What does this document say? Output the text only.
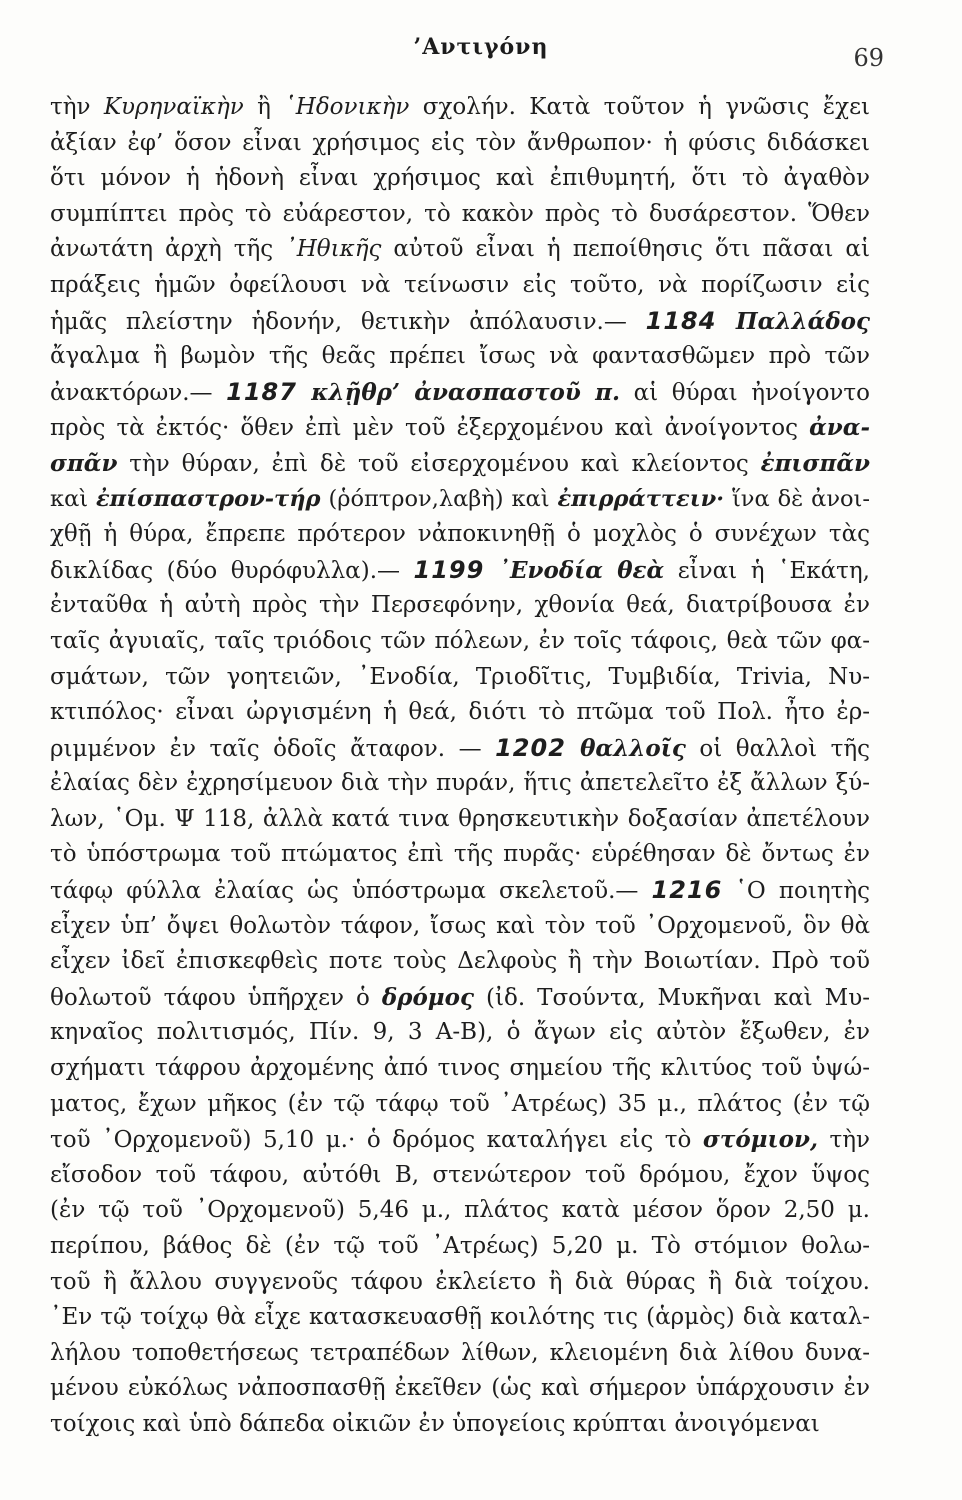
’Αντιγόνη	69
τὴν Κυρηναϊκὴν ἢ ῾Ηδονικὴν σχολήν. Κατὰ τοῦτον ἡ γνῶσις ἔχει
ἀξίαν ἐφ’ ὅσον εἶναι χρήσιμος εἰς τὸν ἄνθρωπον· ἡ φύσις διδάσκει
ὅτι μόνον ἡ ἡδονὴ εἶναι χρήσιμος καὶ ἐπιθυμητή, ὅτι τὸ ἀγαθὸν
συμπίπτει πρὸς τὸ εὐάρεστον, τὸ κακὸν πρὸς τὸ δυσάρεστον. Ὅθεν
ἀνωτάτη ἀρχὴ τῆς ᾿Ηθικῆς αὐτοῦ εἶναι ἡ πεποίθησις ὅτι πᾶσαι αἱ
πράξεις ἡμῶν ὀφείλουσι νὰ τείνωσιν εἰς τοῦτο, νὰ πορίζωσιν εἰς
ἡμᾶς πλείστην ἡδονήν, θετικὴν ἀπόλαυσιν.— 1184 Παλλάδος
ἄγαλμα ἢ βωμὸν τῆς θεᾶς πρέπει ἴσως νὰ φαντασθῶμεν πρὸ τῶν
ἀνακτόρων.— 1187 κλῇθρ’ ἀνασπαστοῦ π. αἱ θύραι ἠνοίγοντο
πρὸς τὰ ἐκτός· ὅθεν ἐπὶ μὲν τοῦ ἐξερχομένου καὶ ἀνοίγοντος ἀνα-
σπᾶν τὴν θύραν, ἐπὶ δὲ τοῦ εἰσερχομένου καὶ κλείοντος ἐπισπᾶν
καὶ ἐπίσπαστρον-τήρ (ῥόπτρον,λαβὴ) καὶ ἐπιρράττειν· ἵνα δὲ ἀνοι-
χθῇ ἡ θύρα, ἔπρεπε πρότερον νἀποκινηθῇ ὁ μοχλὸς ὁ συνέχων τὰς
δικλίδας (δύο θυρόφυλλα).— 1199 ᾿Ενοδία θεὰ εἶναι ἡ ῾Εκάτη,
ἐνταῦθα ἡ αὐτὴ πρὸς τὴν Περσεφόνην, χθονία θεά, διατρίβουσα ἐν
ταῖς ἀγυιαῖς, ταῖς τριόδοις τῶν πόλεων, ἐν τοῖς τάφοις, θεὰ τῶν φα-
σμάτων, τῶν γοητειῶν, ᾿Ενοδία, Τριοδῖτις, Τυμβιδία, Trivia, Νυ-
κτιπόλος· εἶναι ὠργισμένη ἡ θεά, διότι τὸ πτῶμα τοῦ Πολ. ἦτο ἐρ-
ριμμένον ἐν ταῖς ὁδοῖς ἄταφον. — 1202 θαλλοῖς οἱ θαλλοὶ τῆς
ἐλαίας δὲν ἐχρησίμευον διὰ τὴν πυράν, ἥτις ἀπετελεῖτο ἐξ ἄλλων ξύ-
λων, ῾Ομ. Ψ 118, ἀλλὰ κατά τινα θρησκευτικὴν δοξασίαν ἀπετέλουν
τὸ ὑπόστρωμα τοῦ πτώματος ἐπὶ τῆς πυρᾶς· εὑρέθησαν δὲ ὄντως ἐν
τάφῳ φύλλα ἐλαίας ὡς ὑπόστρωμα σκελετοῦ.— 1216 ῾Ο ποιητὴς
εἶχεν ὑπ’ ὄψει θολωτὸν τάφον, ἴσως καὶ τὸν τοῦ ᾿Ορχομενοῦ, ὃν θὰ
εἶχεν ἰδεῖ ἐπισκεφθεὶς ποτε τοὺς Δελφοὺς ἢ τὴν Βοιωτίαν. Πρὸ τοῦ
θολωτοῦ τάφου ὑπῆρχεν ὁ δρόμος (ἰδ. Τσούντα, Μυκῆναι καὶ Μυ-
κηναῖος πολιτισμός, Πίν. 9, 3 Α-Β), ὁ ἄγων εἰς αὐτὸν ἔξωθεν, ἐν
σχήματι τάφρου ἀρχομένης ἀπό τινος σημείου τῆς κλιτύος τοῦ ὑψώ-
ματος, ἔχων μῆκος (ἐν τῷ τάφῳ τοῦ ᾿Ατρέως) 35 μ., πλάτος (ἐν τῷ
τοῦ ᾿Ορχομενοῦ) 5,10 μ.· ὁ δρόμος καταλήγει εἰς τὸ στόμιον, τὴν
εἴσοδον τοῦ τάφου, αὐτόθι Β, στενώτερον τοῦ δρόμου, ἔχον ὕψος
(ἐν τῷ τοῦ ᾿Ορχομενοῦ) 5,46 μ., πλάτος κατὰ μέσον ὅρον 2,50 μ.
περίπου, βάθος δὲ (ἐν τῷ τοῦ ᾿Ατρέως) 5,20 μ. Τὸ στόμιον θολω-
τοῦ ἢ ἄλλου συγγενοῦς τάφου ἐκλείετο ἢ διὰ θύρας ἢ διὰ τοίχου.
᾿Εν τῷ τοίχῳ θὰ εἶχε κατασκευασθῇ κοιλότης τις (ἁρμὸς) διὰ καταλ-
λήλου τοποθετήσεως τετραπέδων λίθων, κλειομένη διὰ λίθου δυνα-
μένου εὐκόλως νἀποσπασθῇ ἐκεῖθεν (ὡς καὶ σήμερον ὑπάρχουσιν ἐν
τοίχοις καὶ ὑπὸ δάπεδα οἰκιῶν ἐν ὑπογείοις κρύπται ἀνοιγόμεναι
